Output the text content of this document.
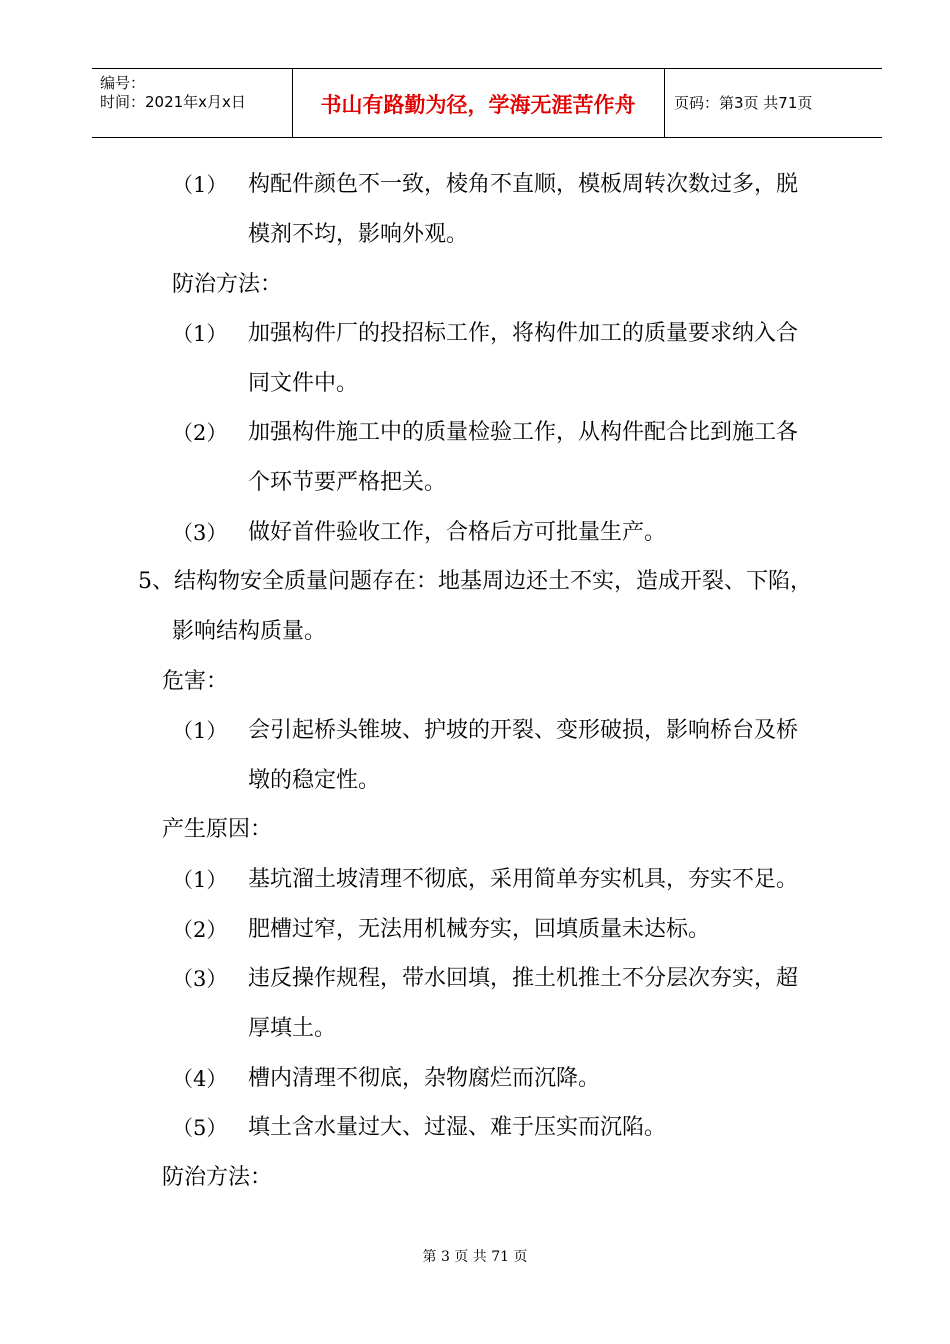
编号：
时间：2021年x月x日	书山有路勤为径，学海无涯苦作舟	页码：第3页 共71页
（1） 构配件颜色不一致，棱角不直顺，模板周转次数过多，脱
模剂不均，影响外观。
防治方法：
（1） 加强构件厂的投招标工作，将构件加工的质量要求纳入合
同文件中。
（2） 加强构件施工中的质量检验工作，从构件配合比到施工各
个环节要严格把关。
（3） 做好首件验收工作，合格后方可批量生产。
5、结构物安全质量问题存在：地基周边还土不实，造成开裂、下陷，
影响结构质量。
危害：
（1） 会引起桥头锥坡、护坡的开裂、变形破损，影响桥台及桥
墩的稳定性。
产生原因：
（1） 基坑溜土坡清理不彻底，采用简单夯实机具，夯实不足。
（2） 肥槽过窄，无法用机械夯实，回填质量未达标。
（3） 违反操作规程，带水回填，推土机推土不分层次夯实，超
厚填土。
（4） 槽内清理不彻底，杂物腐烂而沉降。
（5） 填土含水量过大、过湿、难于压实而沉陷。
防治方法：
第 3 页 共 71 页
